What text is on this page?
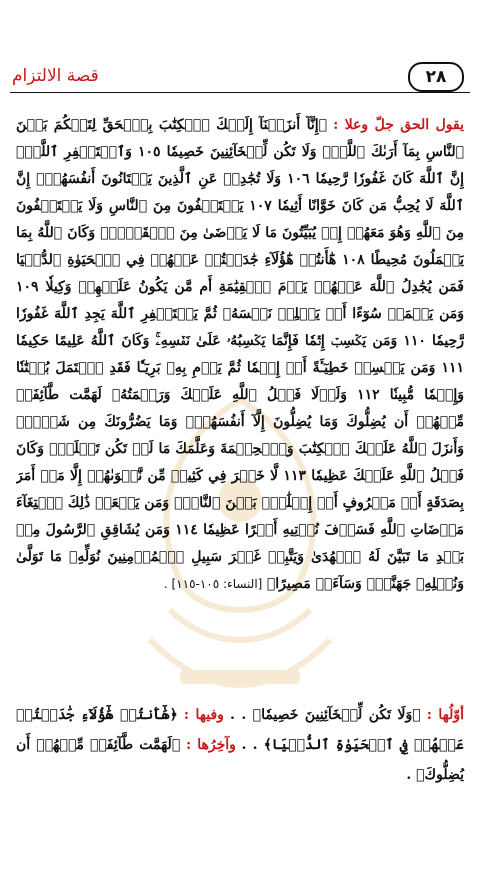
قصة الالتزام	٢٨
يقول الحق جلّ وعلا : ﴿إِنَّآ أَنزَلۡنَآ إِلَيۡكَ ٱلۡكِتَٰبَ بِٱلۡحَقِّ لِتَحۡكُمَ بَيۡنَ ٱلنَّاسِ بِمَآ أَرَىٰكَ ٱللَّهُۚ وَلَا تَكُن لِّلۡخَآئِنِينَ خَصِيمٗا ١٠٥ وَٱسۡتَغۡفِرِ ٱللَّهَۖ إِنَّ ٱللَّهَ كَانَ غَفُورٗا رَّحِيمٗا ١٠٦ وَلَا تُجَٰدِلۡ عَنِ ٱلَّذِينَ يَخۡتَانُونَ أَنفُسَهُمۡۚ إِنَّ ٱللَّهَ لَا يُحِبُّ مَن كَانَ خَوَّانًا أَثِيمٗا ١٠٧ يَسۡتَخۡفُونَ مِنَ ٱلنَّاسِ وَلَا يَسۡتَخۡفُونَ مِنَ ٱللَّهِ وَهُوَ مَعَهُمۡ إِذۡ يُبَيِّتُونَ مَا لَا يَرۡضَىٰ مِنَ ٱلۡقَوۡلِۚ وَكَانَ ٱللَّهُ بِمَا يَعۡمَلُونَ مُحِيطًا ١٠٨ هَٰٓأَنتُمۡ هَٰٓؤُلَآءِ جَٰدَلۡتُمۡ عَنۡهُمۡ فِي ٱلۡحَيَوٰةِ ٱلدُّنۡيَا فَمَن يُجَٰدِلُ ٱللَّهَ عَنۡهُمۡ يَوۡمَ ٱلۡقِيَٰمَةِ أَم مَّن يَكُونُ عَلَيۡهِمۡ وَكِيلٗا ١٠٩ وَمَن يَعۡمَلۡ سُوٓءًا أَوۡ يَظۡلِمۡ نَفۡسَهُۥ ثُمَّ يَسۡتَغۡفِرِ ٱللَّهَ يَجِدِ ٱللَّهَ غَفُورٗا رَّحِيمٗا ١١٠ وَمَن يَكۡسِبۡ إِثۡمٗا فَإِنَّمَا يَكۡسِبُهُۥ عَلَىٰ نَفۡسِهِۦۚ وَكَانَ ٱللَّهُ عَلِيمًا حَكِيمٗا ١١١ وَمَن يَكۡسِبۡ خَطِيٓـَٔةً أَوۡ إِثۡمٗا ثُمَّ يَرۡمِ بِهِۦ بَرِيٓـٔٗا فَقَدِ ٱحۡتَمَلَ بُهۡتَٰنٗا وَإِثۡمٗا مُّبِينٗا ١١٢ وَلَوۡلَا فَضۡلُ ٱللَّهِ عَلَيۡكَ وَرَحۡمَتُهُۥ لَهَمَّت طَّآئِفَةٞ مِّنۡهُمۡ أَن يُضِلُّوكَ وَمَا يُضِلُّونَ إِلَّآ أَنفُسَهُمۡۖ وَمَا يَضُرُّونَكَ مِن شَيۡءٖۚ وَأَنزَلَ ٱللَّهُ عَلَيۡكَ ٱلۡكِتَٰبَ وَٱلۡحِكۡمَةَ وَعَلَّمَكَ مَا لَمۡ تَكُن تَعۡلَمُۚ وَكَانَ فَضۡلُ ٱللَّهِ عَلَيۡكَ عَظِيمٗا ١١٣ لَّا خَيۡرَ فِي كَثِيرٖ مِّن نَّجۡوَىٰهُمۡ إِلَّا مَنۡ أَمَرَ بِصَدَقَةٍ أَوۡ مَعۡرُوفٍ أَوۡ إِصۡلَٰحِۭ بَيۡنَ ٱلنَّاسِۚ وَمَن يَفۡعَلۡ ذَٰلِكَ ٱبۡتِغَآءَ مَرۡضَاتِ ٱللَّهِ فَسَوۡفَ نُؤۡتِيهِ أَجۡرًا عَظِيمٗا ١١٤ وَمَن يُشَاقِقِ ٱلرَّسُولَ مِنۢ بَعۡدِ مَا تَبَيَّنَ لَهُ ٱلۡهُدَىٰ وَيَتَّبِعۡ غَيۡرَ سَبِيلِ ٱلۡمُؤۡمِنِينَ نُوَلِّهِۦ مَا تَوَلَّىٰ وَنُصۡلِهِۦ جَهَنَّمَۖ وَسَآءَتۡ مَصِيرًا﴾ [النساء: ١٠٥-١١٥] .
أوّلُها : ﴿وَلَا تَكُن لِّلۡخَآئِنِينَ خَصِيمٗا﴾ . . وفيها : ﴿هَٰٓأَنتُمۡ هَٰٓؤُلَآءِ جَٰدَلۡتُمۡ عَنۡهُمۡ فِي ٱلۡحَيَوٰةِ ٱلدُّنۡيَا﴾ . . وآخِرُها : ﴿لَهَمَّت طَّآئِفَةٞ مِّنۡهُمۡ أَن يُضِلُّوكَ﴾ .
